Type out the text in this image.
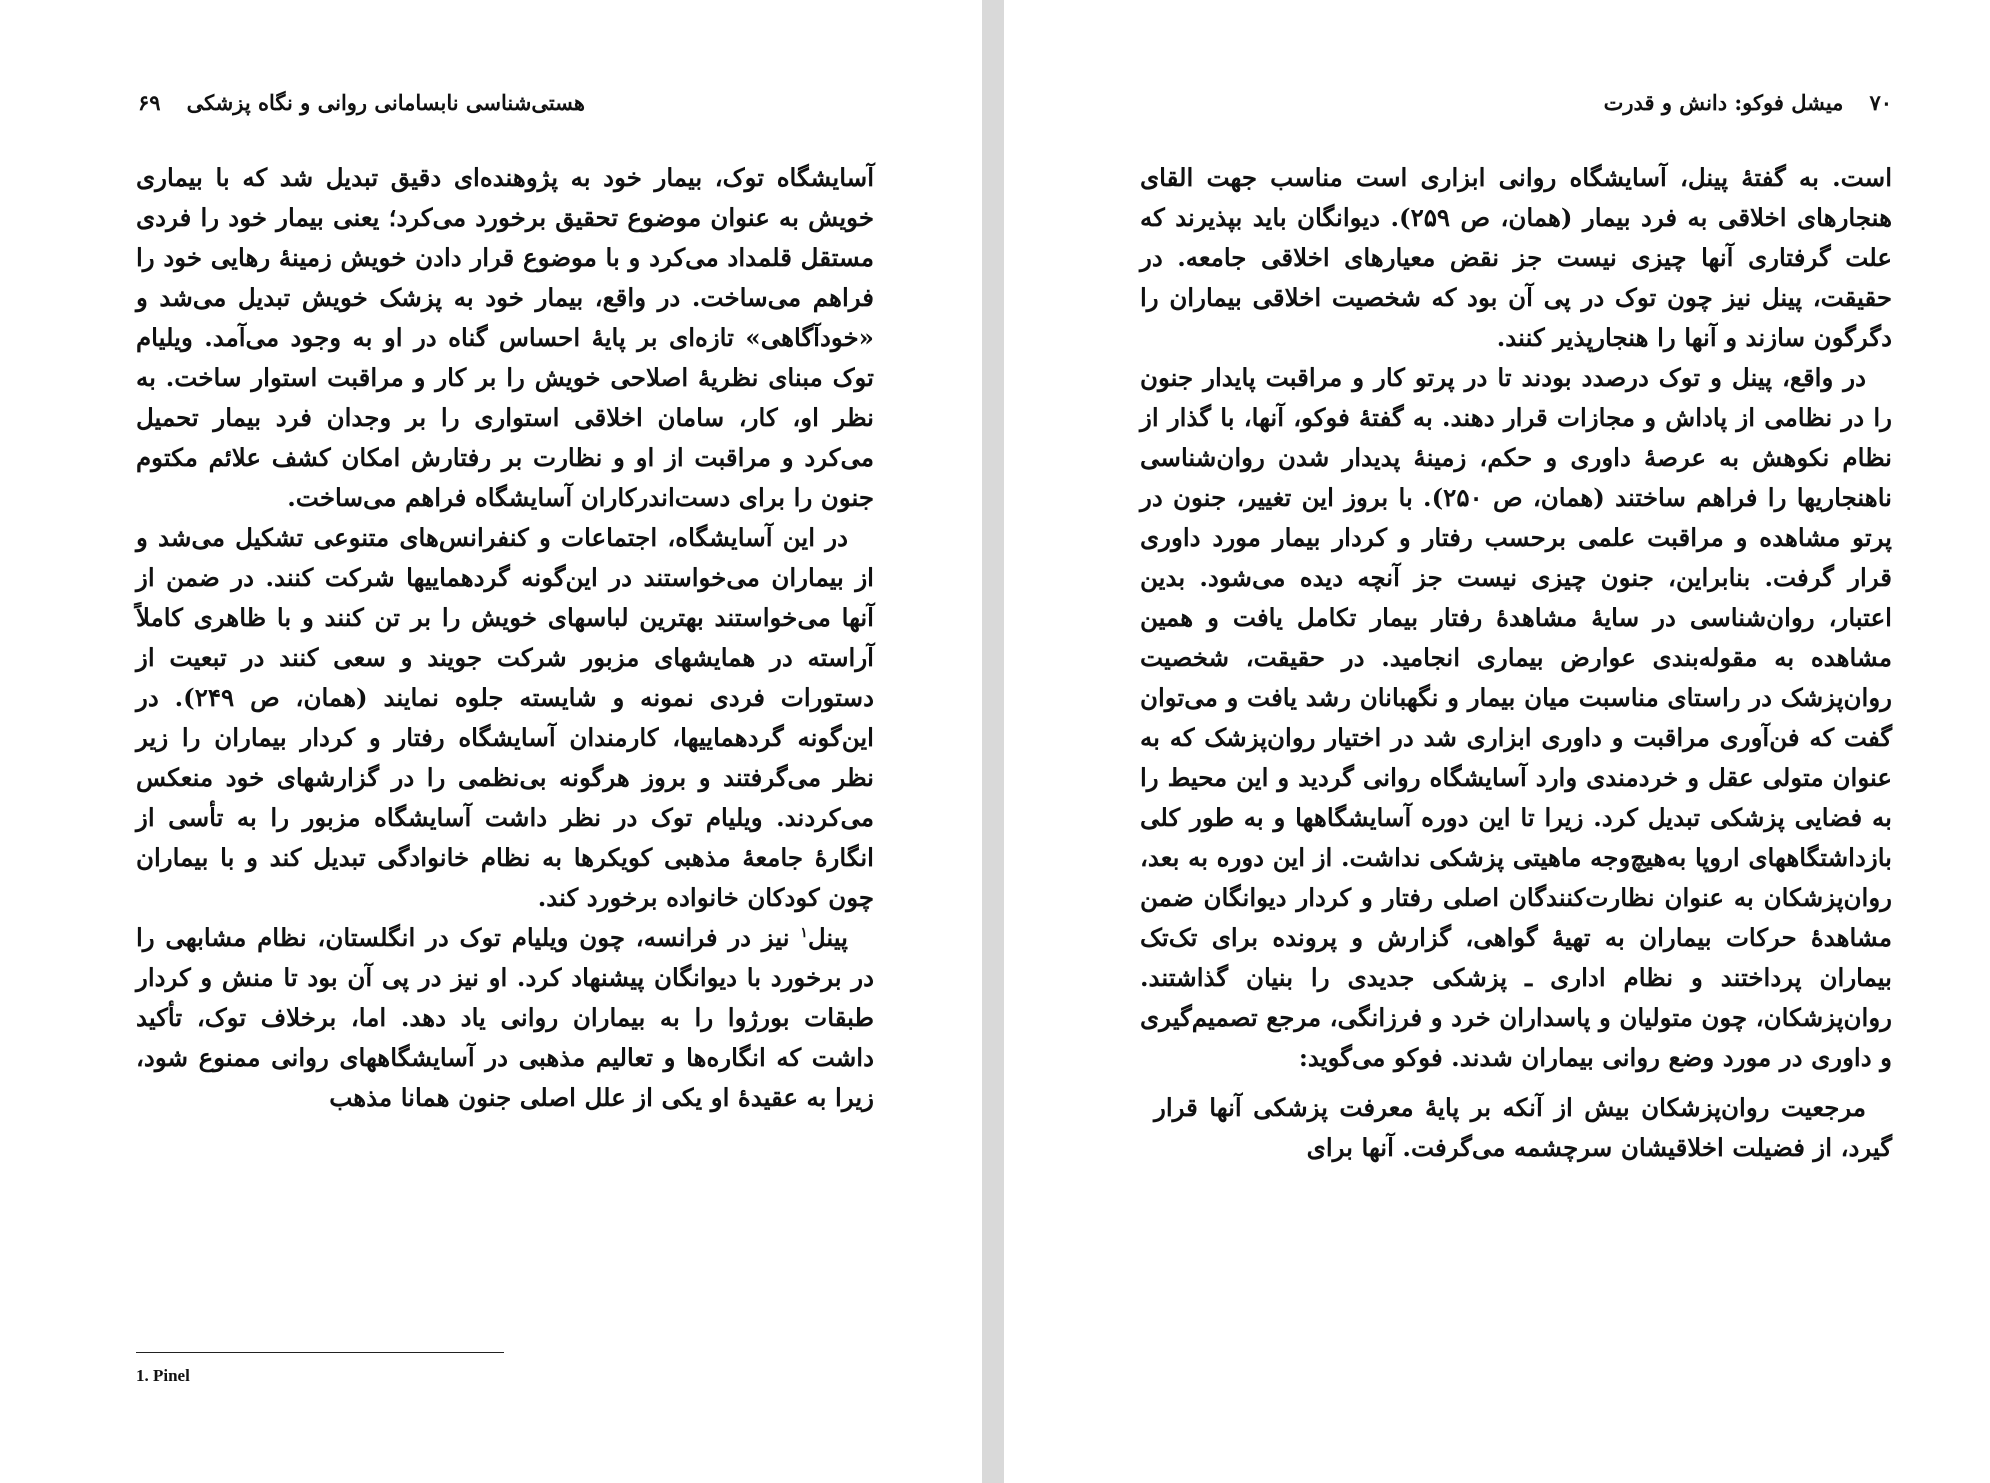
هستی‌شناسی نابسامانی روانی و نگاه پزشکی۶۹

آسایشگاه توک، بیمار خود به پژوهنده‌ای دقیق تبدیل شد که با بیماری خویش به عنوان موضوع تحقیق برخورد می‌کرد؛ یعنی بیمار خود را فردی مستقل قلمداد می‌کرد و با موضوع قرار دادن خویش زمینهٔ رهایی خود را فراهم می‌ساخت. در واقع، بیمار خود به پزشک خویش تبدیل می‌شد و «خودآگاهی» تازه‌ای بر پایهٔ احساس گناه در او به وجود می‌آمد. ویلیام توک مبنای نظریهٔ اصلاحی خویش را بر کار و مراقبت استوار ساخت. به نظر او، کار، سامان اخلاقی استواری را بر وجدان فرد بیمار تحمیل می‌کرد و مراقبت از او و نظارت بر رفتارش امکان کشف علائم مکتوم جنون را برای دست‌اندرکاران آسایشگاه فراهم می‌ساخت.

در این آسایشگاه، اجتماعات و کنفرانس‌های متنوعی تشکیل می‌شد و از بیماران می‌خواستند در این‌گونه گردهماییها شرکت کنند. در ضمن از آنها می‌خواستند بهترین لباسهای خویش را بر تن کنند و با ظاهری کاملاً آراسته در همایشهای مزبور شرکت جویند و سعی کنند در تبعیت از دستورات فردی نمونه و شایسته جلوه نمایند (همان، ص ۲۴۹). در این‌گونه گردهماییها، کارمندان آسایشگاه رفتار و کردار بیماران را زیر نظر می‌گرفتند و بروز هرگونه بی‌نظمی را در گزارشهای خود منعکس می‌کردند. ویلیام توک در نظر داشت آسایشگاه مزبور را به تأسی از انگارهٔ جامعهٔ مذهبی کویکرها به نظام خانوادگی تبدیل کند و با بیماران چون کودکان خانواده برخورد کند.

پینل$^۱$ نیز در فرانسه، چون ویلیام توک در انگلستان، نظام مشابهی را در برخورد با دیوانگان پیشنهاد کرد. او نیز در پی آن بود تا منش و کردار طبقات بورژوا را به بیماران روانی یاد دهد. اما، برخلاف توک، تأکید داشت که انگاره‌ها و تعالیم مذهبی در آسایشگاههای روانی ممنوع شود، زیرا به عقیدهٔ او یکی از علل اصلی جنون همانا مذهب

1. Pinel
۷۰میشل فوکو: دانش و قدرت

است. به گفتهٔ پینل، آسایشگاه روانی ابزاری است مناسب جهت القای هنجارهای اخلاقی به فرد بیمار (همان، ص ۲۵۹). دیوانگان باید بپذیرند که علت گرفتاری آنها چیزی نیست جز نقض معیارهای اخلاقی جامعه. در حقیقت، پینل نیز چون توک در پی آن بود که شخصیت اخلاقی بیماران را دگرگون سازند و آنها را هنجارپذیر کنند.

در واقع، پینل و توک درصدد بودند تا در پرتو کار و مراقبت پایدار جنون را در نظامی از پاداش و مجازات قرار دهند. به گفتهٔ فوکو، آنها، با گذار از نظام نکوهش به عرصهٔ داوری و حکم، زمینهٔ پدیدار شدن روان‌شناسی ناهنجاریها را فراهم ساختند (همان، ص ۲۵۰). با بروز این تغییر، جنون در پرتو مشاهده و مراقبت علمی برحسب رفتار و کردار بیمار مورد داوری قرار گرفت. بنابراین، جنون چیزی نیست جز آنچه دیده می‌شود. بدین اعتبار، روان‌شناسی در سایهٔ مشاهدهٔ رفتار بیمار تکامل یافت و همین مشاهده به مقوله‌بندی عوارض بیماری انجامید. در حقیقت، شخصیت روان‌پزشک در راستای مناسبت میان بیمار و نگهبانان رشد یافت و می‌توان گفت که فن‌آوری مراقبت و داوری ابزاری شد در اختیار روان‌پزشک که به عنوان متولی عقل و خردمندی وارد آسایشگاه روانی گردید و این محیط را به فضایی پزشکی تبدیل کرد. زیرا تا این دوره آسایشگاهها و به طور کلی بازداشتگاههای اروپا به‌هیچ‌وجه ماهیتی پزشکی نداشت. از این دوره به بعد، روان‌پزشکان به عنوان نظارت‌کنندگان اصلی رفتار و کردار دیوانگان ضمن مشاهدهٔ حرکات بیماران به تهیهٔ گواهی، گزارش و پرونده برای تک‌تک بیماران پرداختند و نظام اداری ـ پزشکی جدیدی را بنیان گذاشتند. روان‌پزشکان، چون متولیان و پاسداران خرد و فرزانگی، مرجع تصمیم‌گیری و داوری در مورد وضع روانی بیماران شدند. فوکو می‌گوید:

مرجعیت روان‌پزشکان بیش از آنکه بر پایهٔ معرفت پزشکی آنها قرار گیرد، از فضیلت اخلاقیشان سرچشمه می‌گرفت. آنها برای
